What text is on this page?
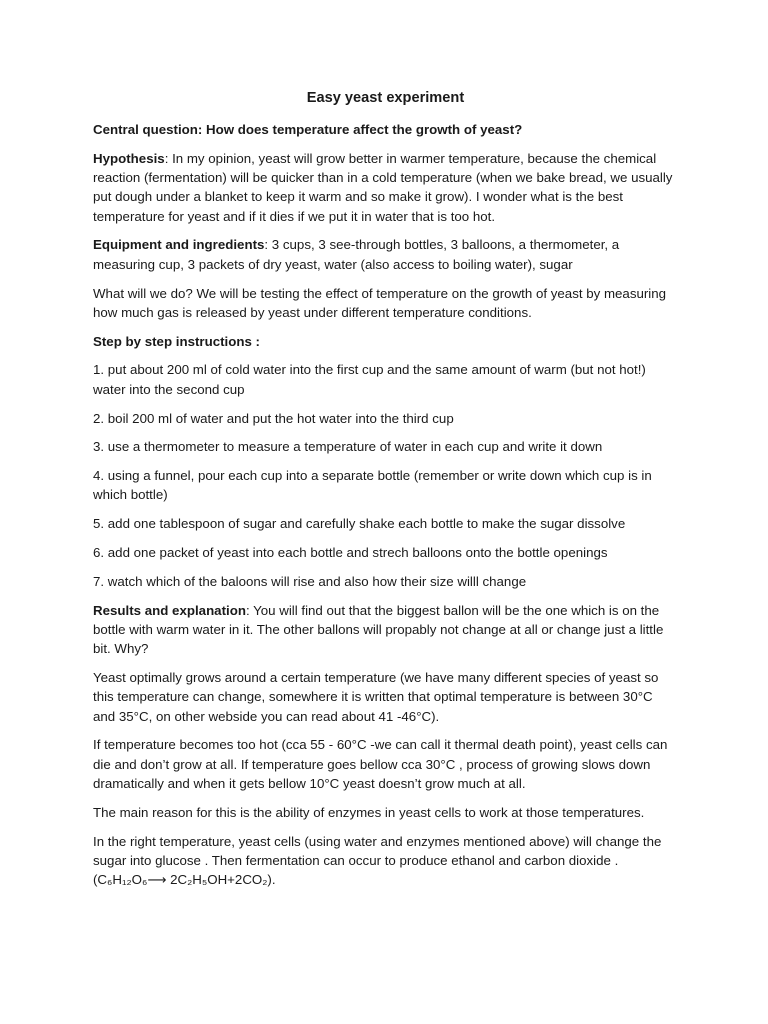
Easy yeast experiment

Central question: How does temperature affect the growth of yeast?

Hypothesis: In my opinion, yeast will grow better in warmer temperature, because the chemical reaction (fermentation) will be quicker than in a cold temperature (when we bake bread, we usually put dough under a blanket to keep it warm and so make it grow). I wonder what is the best temperature for yeast and if it dies if we put it in water that is too hot.

Equipment and ingredients: 3 cups, 3 see-through bottles, 3 balloons, a thermometer, a measuring cup, 3 packets of dry yeast, water (also access to boiling water), sugar

What will we do? We will be testing the effect of temperature on the growth of yeast by measuring how much gas is released by yeast under different temperature conditions.

Step by step instructions :

1. put about 200 ml of cold water into the first cup and the same amount of warm (but not hot!) water into the second cup

2. boil 200 ml of water and put the hot water into the third cup

3. use a thermometer to measure a temperature of water in each cup and write it down

4. using a funnel, pour each cup into a separate bottle (remember or write down which cup is in which bottle)

5. add one tablespoon of sugar and carefully shake each bottle to make the sugar dissolve

6. add one packet of yeast into each bottle and strech balloons onto the bottle openings

7. watch which of the baloons will rise and also how their size willl change

Results and explanation: You will find out that the biggest ballon will be the one which is on the bottle with warm water in it. The other ballons will propably not change at all or change just a little bit. Why?

Yeast optimally grows around a certain temperature (we have many different species of yeast so this temperature can change, somewhere it is written that optimal temperature is between 30°C and 35°C, on other webside you can read about 41 -46°C).

If temperature becomes too hot (cca 55 - 60°C -we can call it thermal death point), yeast cells can die and don’t grow at all. If temperature goes bellow cca 30°C , process of growing slows down dramatically and when it gets bellow 10°C yeast doesn’t grow much at all.

The main reason for this is the ability of enzymes in yeast cells to work at those temperatures.

In the right temperature, yeast cells (using water and enzymes mentioned above) will change the sugar into glucose . Then fermentation can occur to produce ethanol and carbon dioxide . (C₆H₁₂O₆⟶ 2C₂H₅OH+2CO₂).
